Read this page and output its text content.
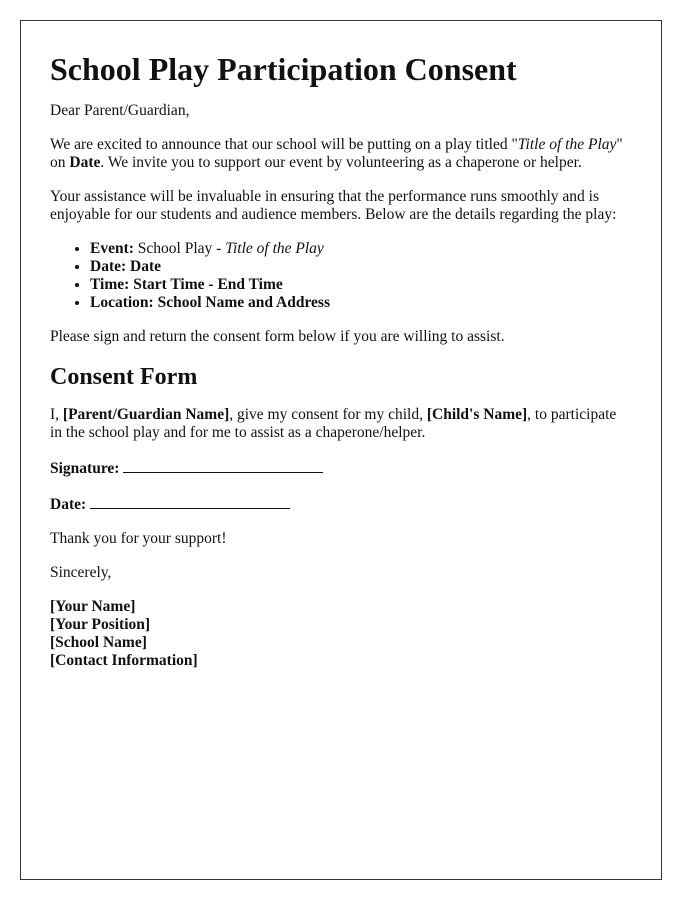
School Play Participation Consent

Dear Parent/Guardian,

We are excited to announce that our school will be putting on a play titled "Title of the Play" on Date. We invite you to support our event by volunteering as a chaperone or helper.

Your assistance will be invaluable in ensuring that the performance runs smoothly and is enjoyable for our students and audience members. Below are the details regarding the play:

• Event: School Play - Title of the Play
• Date: Date
• Time: Start Time - End Time
• Location: School Name and Address

Please sign and return the consent form below if you are willing to assist.

Consent Form

I, [Parent/Guardian Name], give my consent for my child, [Child's Name], to participate in the school play and for me to assist as a chaperone/helper.

Signature:

Date:

Thank you for your support!

Sincerely,

[Your Name]
[Your Position]
[School Name]
[Contact Information]
